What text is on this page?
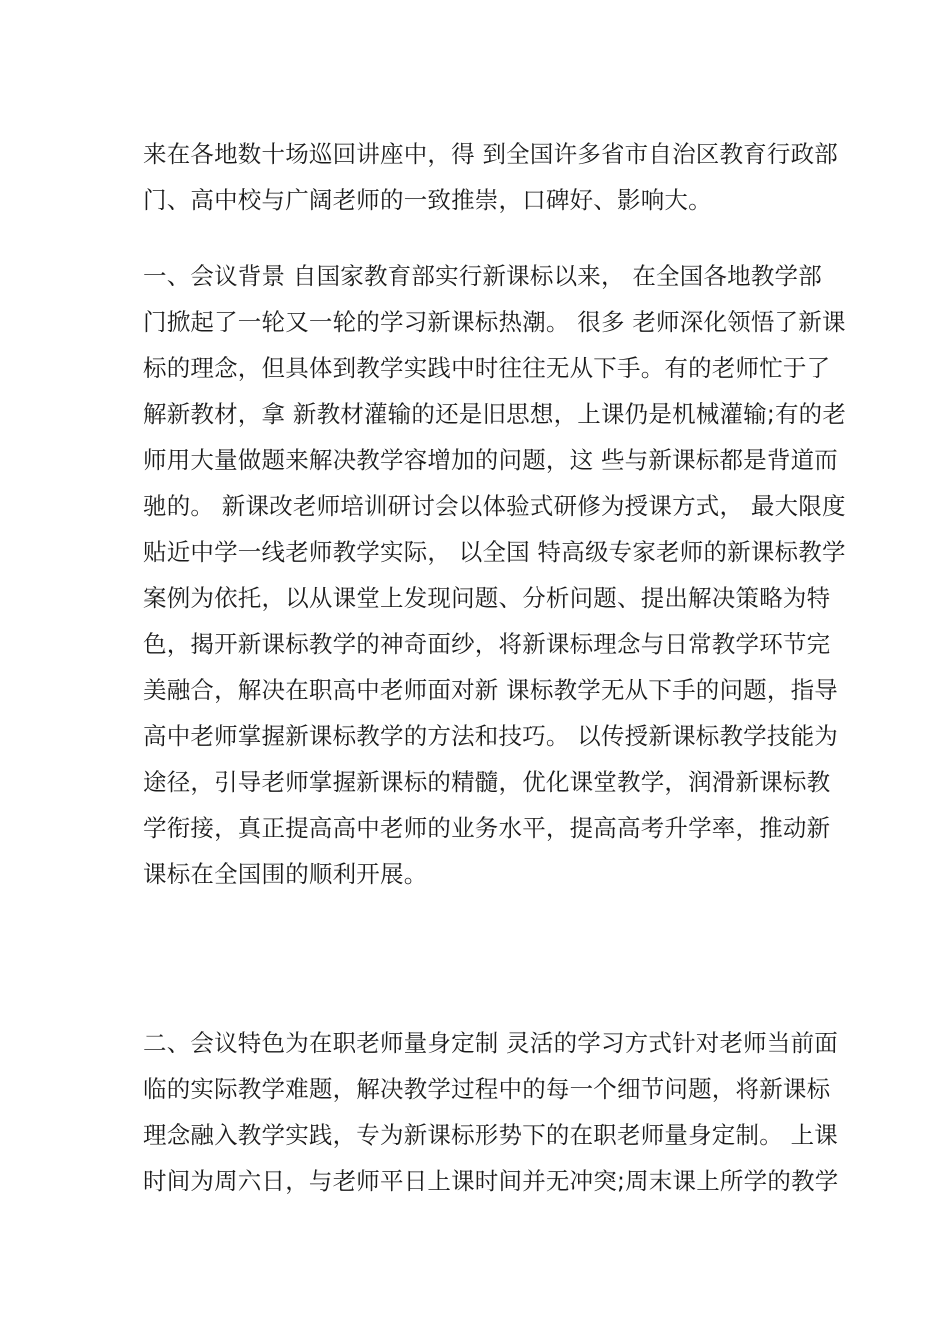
来在各地数十场巡回讲座中，得 到全国许多省市自治区教育行政部
门、高中校与广阔老师的一致推崇，口碑好、影响大。
一、会议背景 自国家教育部实行新课标以来， 在全国各地教学部
门掀起了一轮又一轮的学习新课标热潮。 很多 老师深化领悟了新课
标的理念，但具体到教学实践中时往往无从下手。有的老师忙于了
解新教材，拿 新教材灌输的还是旧思想，上课仍是机械灌输;有的老
师用大量做题来解决教学容增加的问题，这 些与新课标都是背道而
驰的。 新课改老师培训研讨会以体验式研修为授课方式， 最大限度
贴近中学一线老师教学实际， 以全国 特高级专家老师的新课标教学
案例为依托，以从课堂上发现问题、分析问题、提出解决策略为特
色，揭开新课标教学的神奇面纱，将新课标理念与日常教学环节完
美融合，解决在职高中老师面对新 课标教学无从下手的问题，指导
高中老师掌握新课标教学的方法和技巧。 以传授新课标教学技能为
途径，引导老师掌握新课标的精髓，优化课堂教学，润滑新课标教
学衔接，真正提高高中老师的业务水平，提高高考升学率，推动新
课标在全国围的顺利开展。
二、会议特色为在职老师量身定制 灵活的学习方式针对老师当前面
临的实际教学难题，解决教学过程中的每一个细节问题，将新课标
理念融入教学实践，专为新课标形势下的在职老师量身定制。 上课
时间为周六日，与老师平日上课时间并无冲突;周末课上所学的教学
